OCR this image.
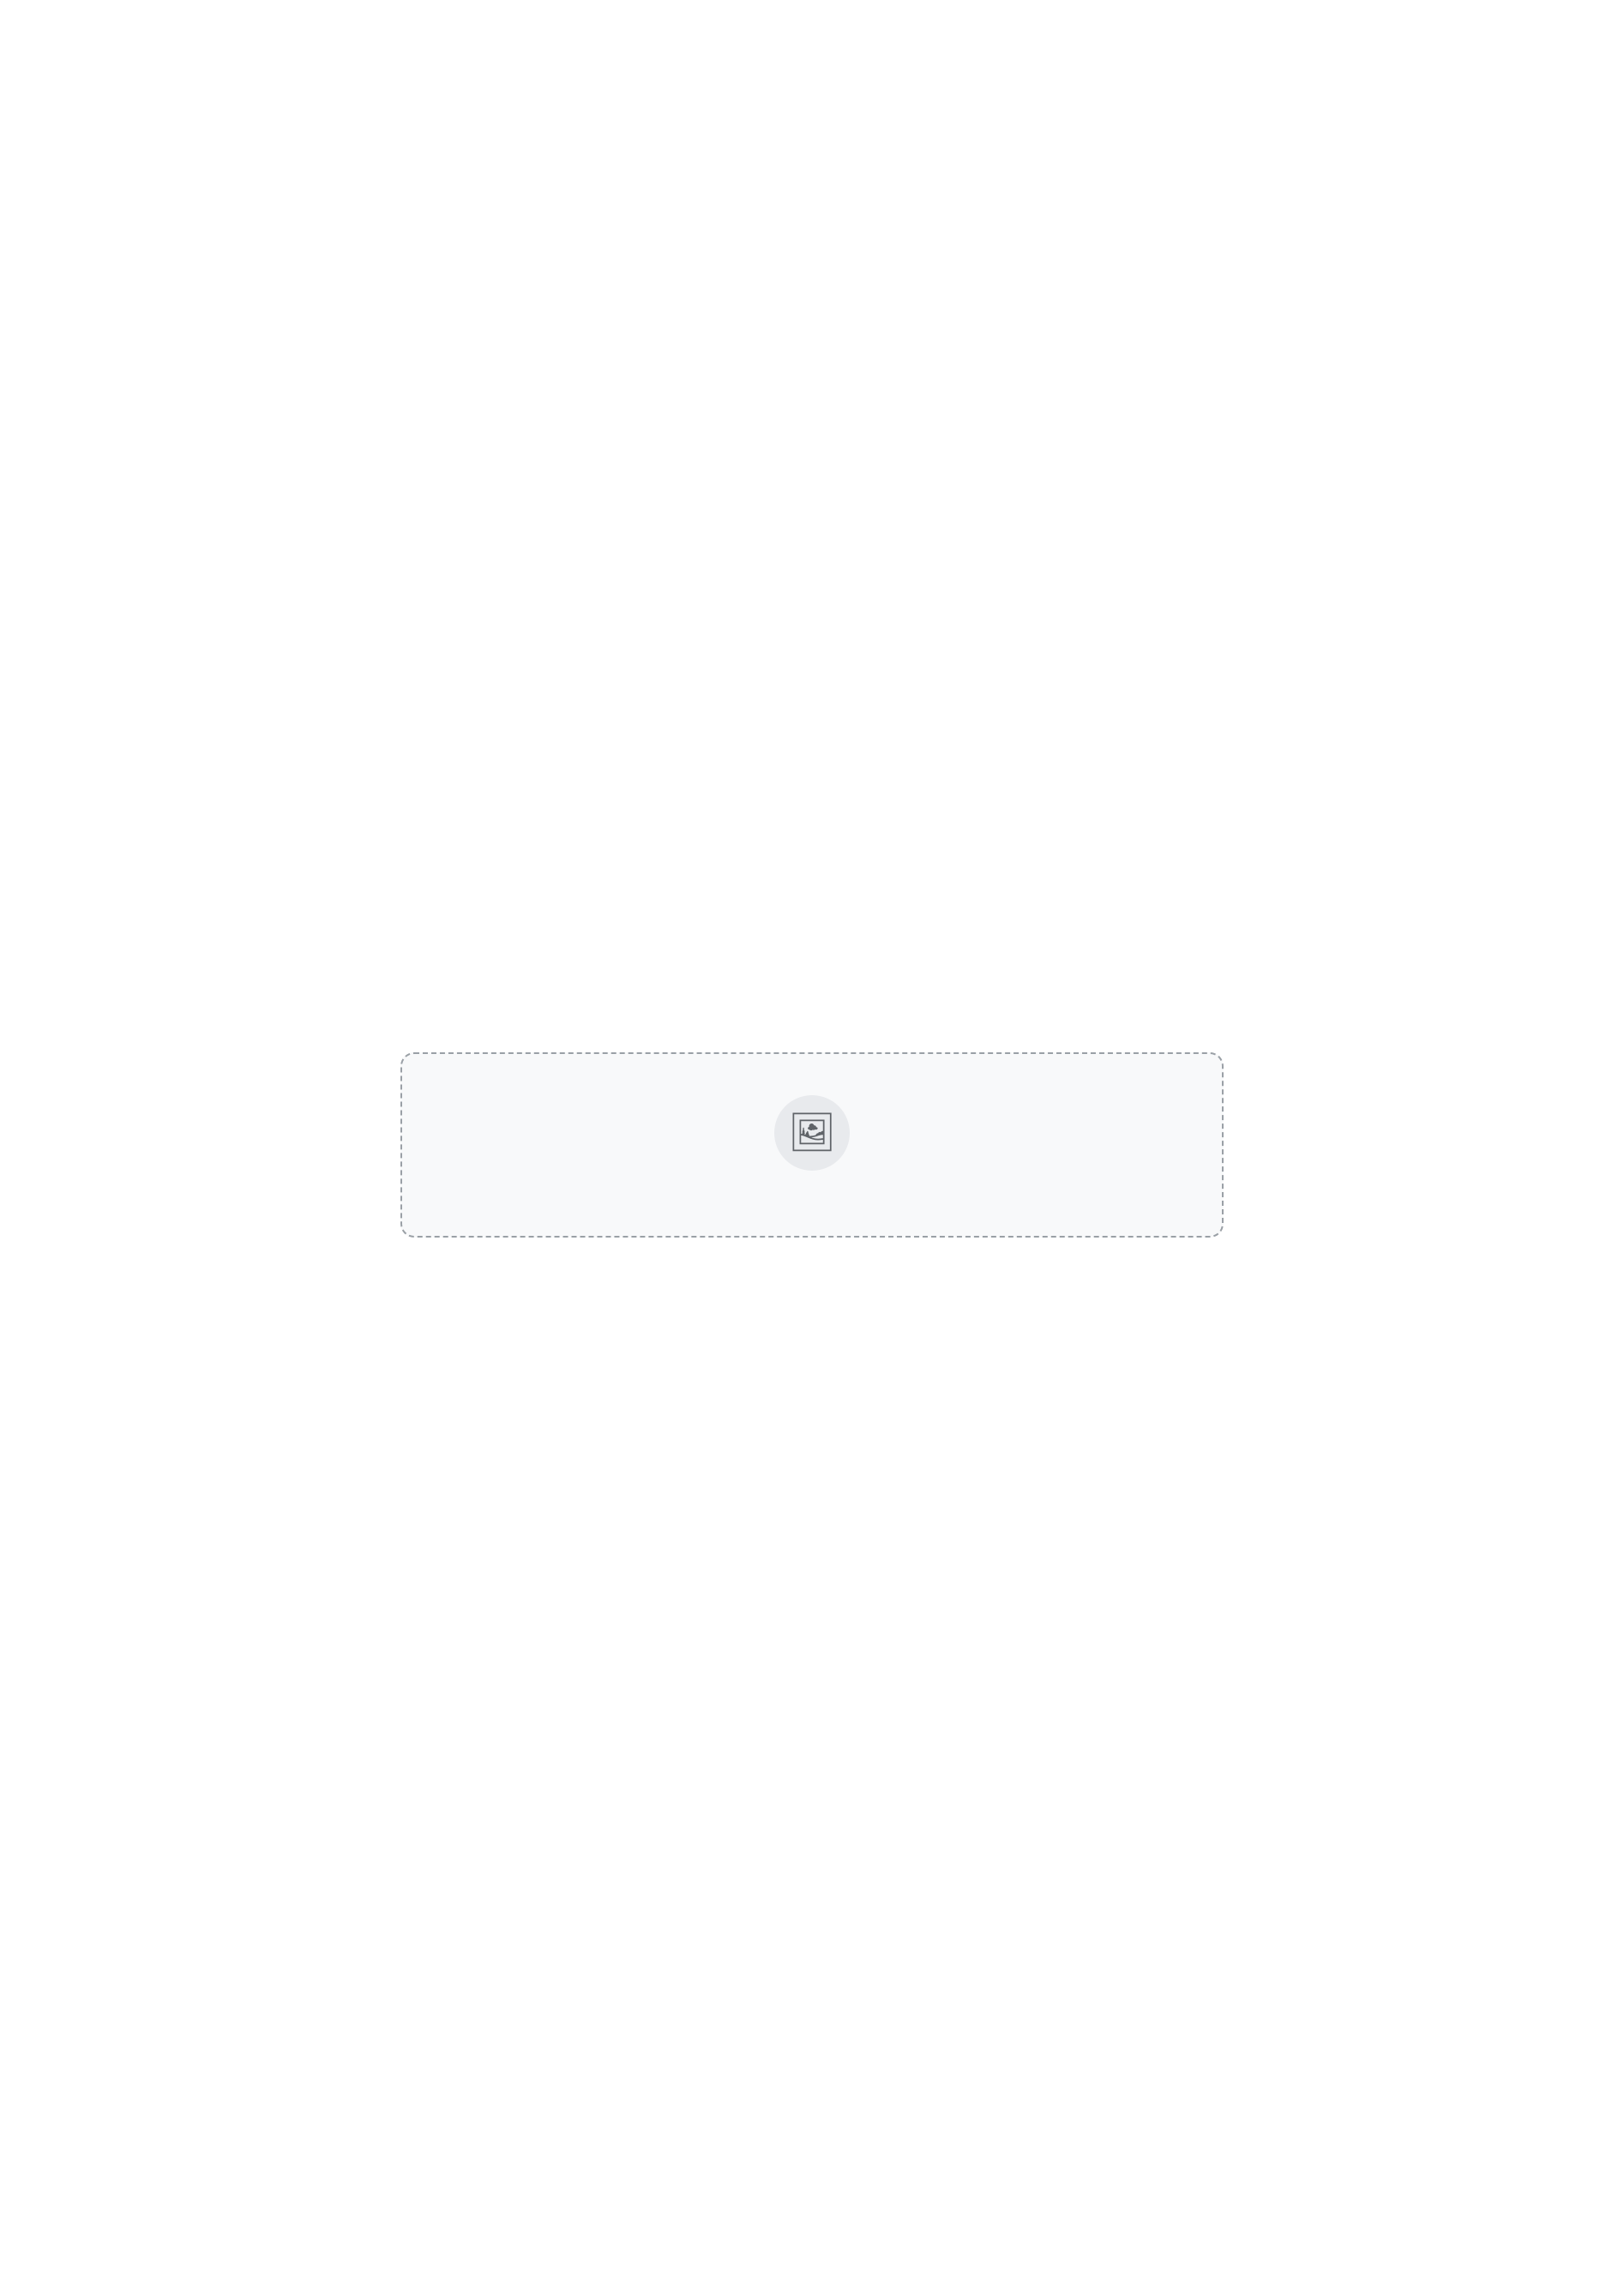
🖼
